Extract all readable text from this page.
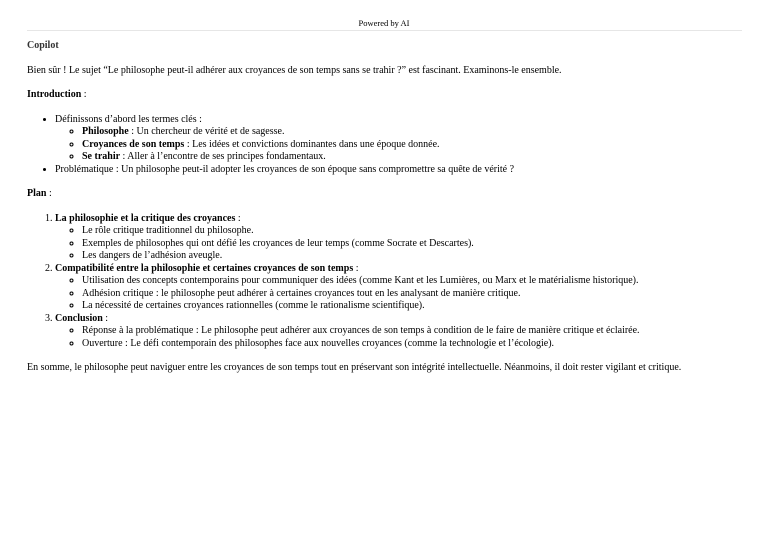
Powered by AI
Copilot

Bien sûr ! Le sujet “Le philosophe peut-il adhérer aux croyances de son temps sans se trahir ?” est fascinant. Examinons-le ensemble.

Introduction :
• Définissons d’abord les termes clés :
◦ Philosophe : Un chercheur de vérité et de sagesse.
◦ Croyances de son temps : Les idées et convictions dominantes dans une époque donnée.
◦ Se trahir : Aller à l’encontre de ses principes fondamentaux.
• Problématique : Un philosophe peut-il adopter les croyances de son époque sans compromettre sa quête de vérité ?
Plan :
1. La philosophie et la critique des croyances :
◦ Le rôle critique traditionnel du philosophe.
◦ Exemples de philosophes qui ont défié les croyances de leur temps (comme Socrate et Descartes).
◦ Les dangers de l’adhésion aveugle.
2. Compatibilité entre la philosophie et certaines croyances de son temps :
◦ Utilisation des concepts contemporains pour communiquer des idées (comme Kant et les Lumières, ou Marx et le matérialisme historique).
◦ Adhésion critique : le philosophe peut adhérer à certaines croyances tout en les analysant de manière critique.
◦ La nécessité de certaines croyances rationnelles (comme le rationalisme scientifique).
3. Conclusion :
◦ Réponse à la problématique : Le philosophe peut adhérer aux croyances de son temps à condition de le faire de manière critique et éclairée.
◦ Ouverture : Le défi contemporain des philosophes face aux nouvelles croyances (comme la technologie et l’écologie).

En somme, le philosophe peut naviguer entre les croyances de son temps tout en préservant son intégrité intellectuelle. Néanmoins, il doit rester vigilant et critique.
